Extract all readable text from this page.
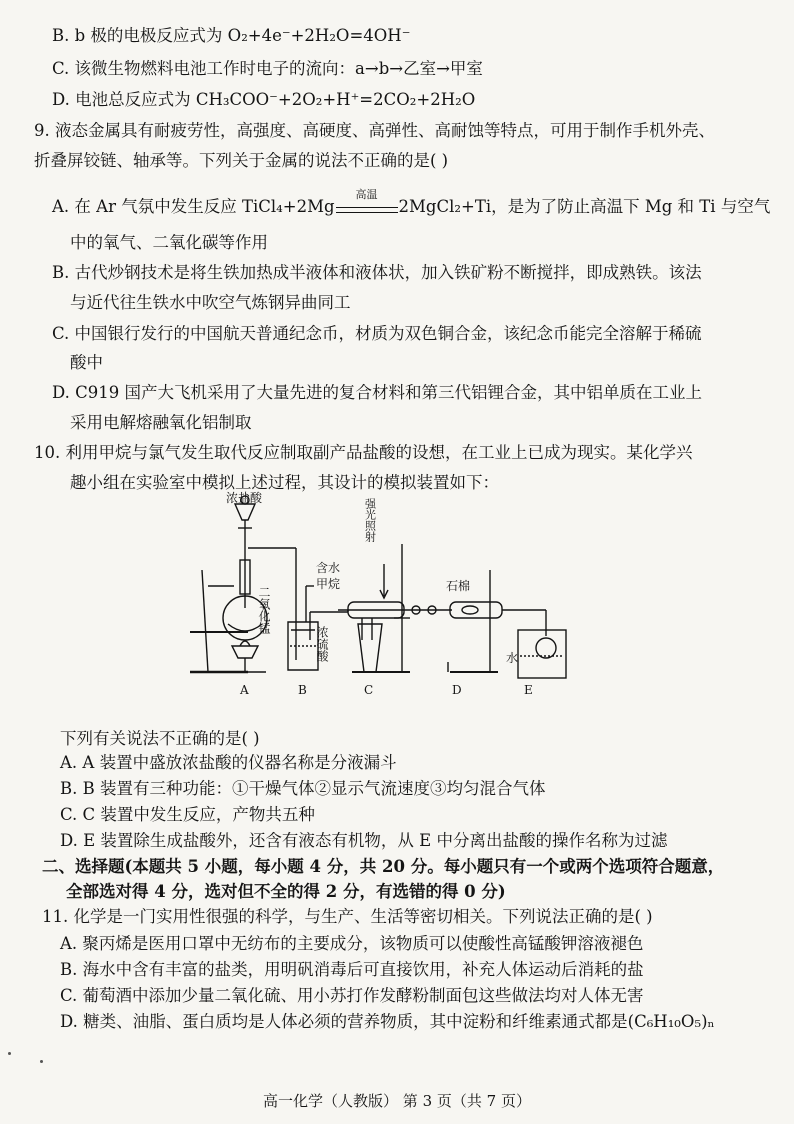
B. b 极的电极反应式为 O₂+4e⁻+2H₂O=4OH⁻
C. 该微生物燃料电池工作时电子的流向：a→b→乙室→甲室
D. 电池总反应式为 CH₃COO⁻+2O₂+H⁺=2CO₂+2H₂O
9. 液态金属具有耐疲劳性，高强度、高硬度、高弹性、高耐蚀等特点，可用于制作手机外壳、
折叠屏铰链、轴承等。下列关于金属的说法不正确的是( )
A. 在 Ar 气氛中发生反应 TiCl₄+2Mg
高温
2MgCl₂+Ti，是为了防止高温下 Mg 和 Ti 与空气
中的氧气、二氧化碳等作用
B. 古代炒钢技术是将生铁加热成半液体和液体状，加入铁矿粉不断搅拌，即成熟铁。该法
与近代往生铁水中吹空气炼钢异曲同工
C. 中国银行发行的中国航天普通纪念币，材质为双色铜合金，该纪念币能完全溶解于稀硫
酸中
D. C919 国产大飞机采用了大量先进的复合材料和第三代铝锂合金，其中铝单质在工业上
采用电解熔融氧化铝制取
10. 利用甲烷与氯气发生取代反应制取副产品盐酸的设想，在工业上已成为现实。某化学兴
趣小组在实验室中模拟上述过程，其设计的模拟装置如下：
浓盐酸
二氧化锰
含水
甲烷
浓硫酸
强光照射
石棉
水
A	B	C	D	E
下列有关说法不正确的是( )
A. A 装置中盛放浓盐酸的仪器名称是分液漏斗
B. B 装置有三种功能：①干燥气体②显示气流速度③均匀混合气体
C. C 装置中发生反应，产物共五种
D. E 装置除生成盐酸外，还含有液态有机物，从 E 中分离出盐酸的操作名称为过滤
二、选择题(本题共 5 小题，每小题 4 分，共 20 分。每小题只有一个或两个选项符合题意，
全部选对得 4 分，选对但不全的得 2 分，有选错的得 0 分)
11. 化学是一门实用性很强的科学，与生产、生活等密切相关。下列说法正确的是( )
A. 聚丙烯是医用口罩中无纺布的主要成分，该物质可以使酸性高锰酸钾溶液褪色
B. 海水中含有丰富的盐类，用明矾消毒后可直接饮用，补充人体运动后消耗的盐
C. 葡萄酒中添加少量二氧化硫、用小苏打作发酵粉制面包这些做法均对人体无害
D. 糖类、油脂、蛋白质均是人体必须的营养物质，其中淀粉和纤维素通式都是(C₆H₁₀O₅)ₙ
高一化学（人教版） 第 3 页（共 7 页）
